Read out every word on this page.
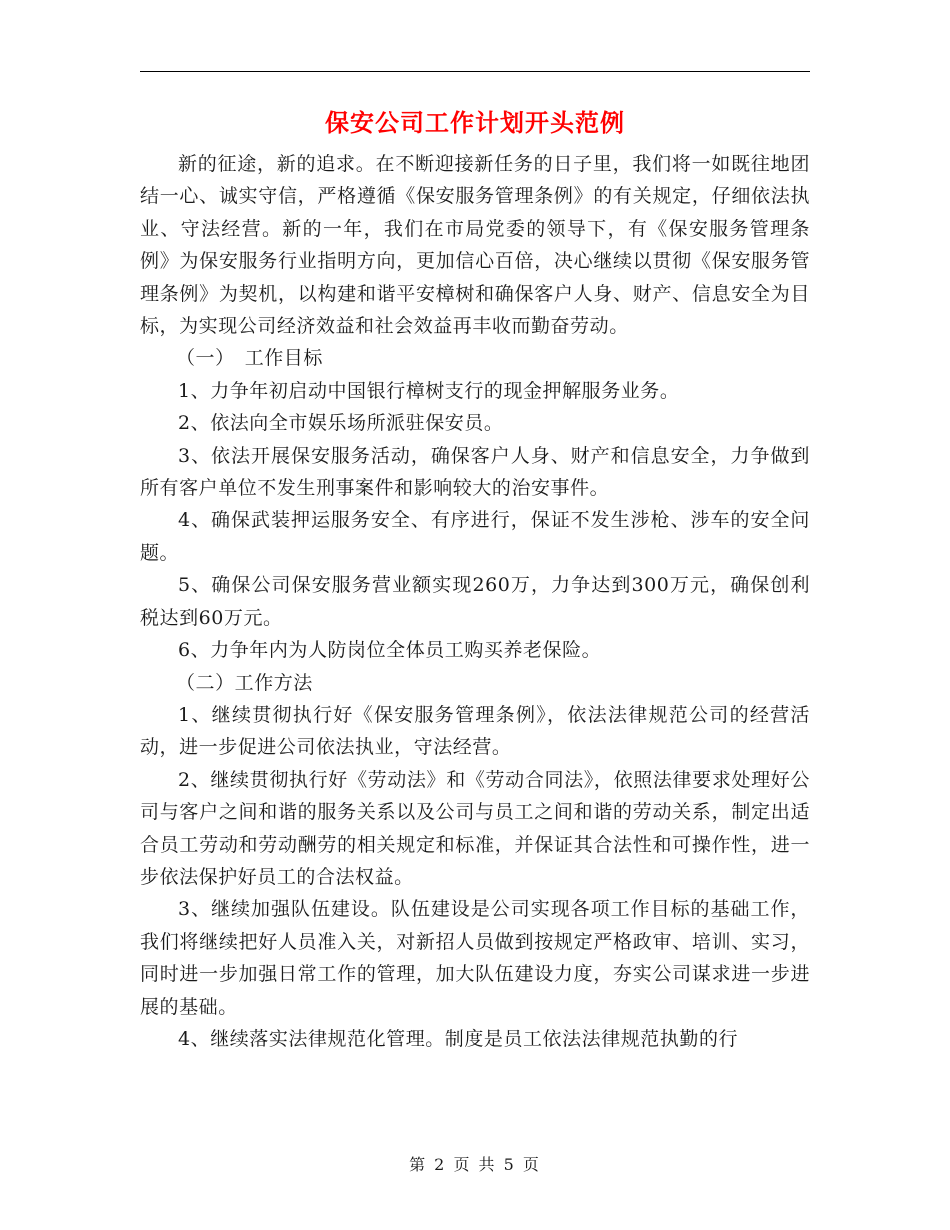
保安公司工作计划开头范例

新的征途，新的追求。在不断迎接新任务的日子里，我们将一如既往地团结一心、诚实守信，严格遵循《保安服务管理条例》的有关规定，仔细依法执业、守法经营。新的一年，我们在市局党委的领导下，有《保安服务管理条例》为保安服务行业指明方向，更加信心百倍，决心继续以贯彻《保安服务管理条例》为契机，以构建和谐平安樟树和确保客户人身、财产、信息安全为目标，为实现公司经济效益和社会效益再丰收而勤奋劳动。

（一）　工作目标

1、力争年初启动中国银行樟树支行的现金押解服务业务。

2、依法向全市娱乐场所派驻保安员。

3、依法开展保安服务活动，确保客户人身、财产和信息安全，力争做到所有客户单位不发生刑事案件和影响较大的治安事件。

4、确保武装押运服务安全、有序进行，保证不发生涉枪、涉车的安全问题。

5、确保公司保安服务营业额实现260万，力争达到300万元，确保创利税达到60万元。

6、力争年内为人防岗位全体员工购买养老保险。

（二）工作方法

1、继续贯彻执行好《保安服务管理条例》，依法法律规范公司的经营活动，进一步促进公司依法执业，守法经营。

2、继续贯彻执行好《劳动法》和《劳动合同法》，依照法律要求处理好公司与客户之间和谐的服务关系以及公司与员工之间和谐的劳动关系，制定出适合员工劳动和劳动酬劳的相关规定和标准，并保证其合法性和可操作性，进一步依法保护好员工的合法权益。

3、继续加强队伍建设。队伍建设是公司实现各项工作目标的基础工作，我们将继续把好人员准入关，对新招人员做到按规定严格政审、培训、实习，同时进一步加强日常工作的管理，加大队伍建设力度，夯实公司谋求进一步进展的基础。

4、继续落实法律规范化管理。制度是员工依法法律规范执勤的行

第 2 页 共 5 页
